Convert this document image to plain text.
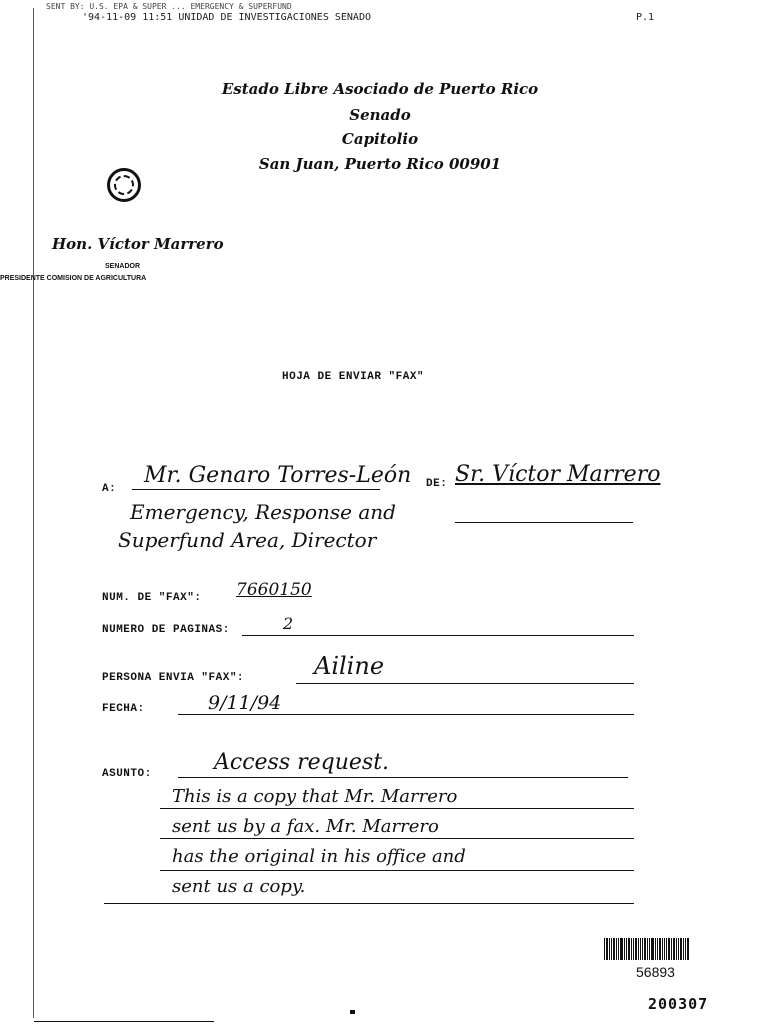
SENT BY: U.S. EPA & SUPER ... EMERGENCY & SUPERFUND
'94-11-09 11:51 UNIDAD DE INVESTIGACIONES SENADO	P.1
Estado Libre Asociado de Puerto Rico
Senado
Capitolio
San Juan, Puerto Rico 00901
Hon. Víctor Marrero
SENADOR
PRESIDENTE COMISION DE AGRICULTURA
HOJA DE ENVIAR "FAX"
A:
Mr. Genaro Torres-León
Emergency, Response and
Superfund Area, Director
DE: Sr. Víctor Marrero
NUM. DE "FAX": 7660150
NUMERO DE PAGINAS:	2
PERSONA ENVIA "FAX":	Ailine
FECHA:	9/11/94
ASUNTO:	Access request.
This is a copy that Mr. Marrero
sent us by a fax. Mr. Marrero
has the original in his office and
sent us a copy.
56893
200307
